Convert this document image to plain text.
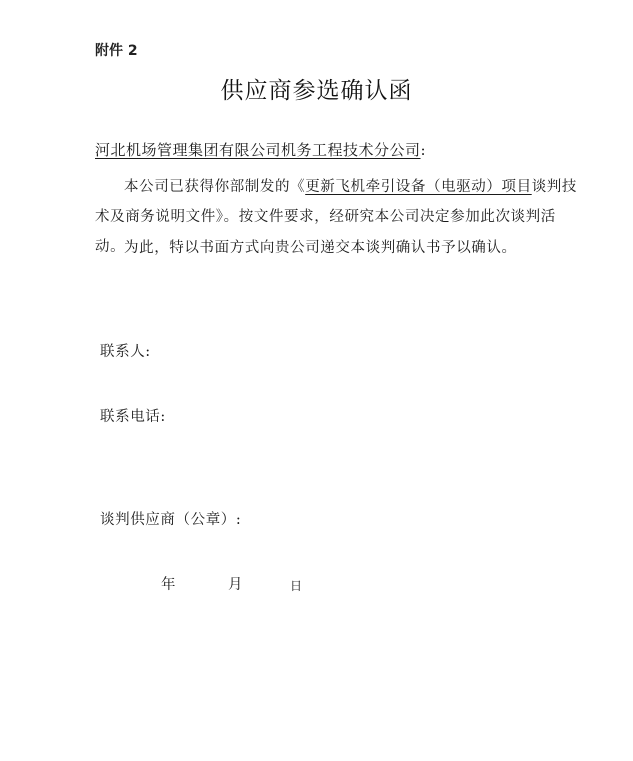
附件 2
供应商参选确认函
河北机场管理集团有限公司机务工程技术分公司:
本公司已获得你部制发的《更新飞机牵引设备（电驱动）项目谈判技术及商务说明文件》。按文件要求，经研究本公司决定参加此次谈判活动。
为此，特以书面方式向贵公司递交本谈判确认书予以确认。
联系人:
联系电话:
谈判供应商（公章）:
年	月	日
